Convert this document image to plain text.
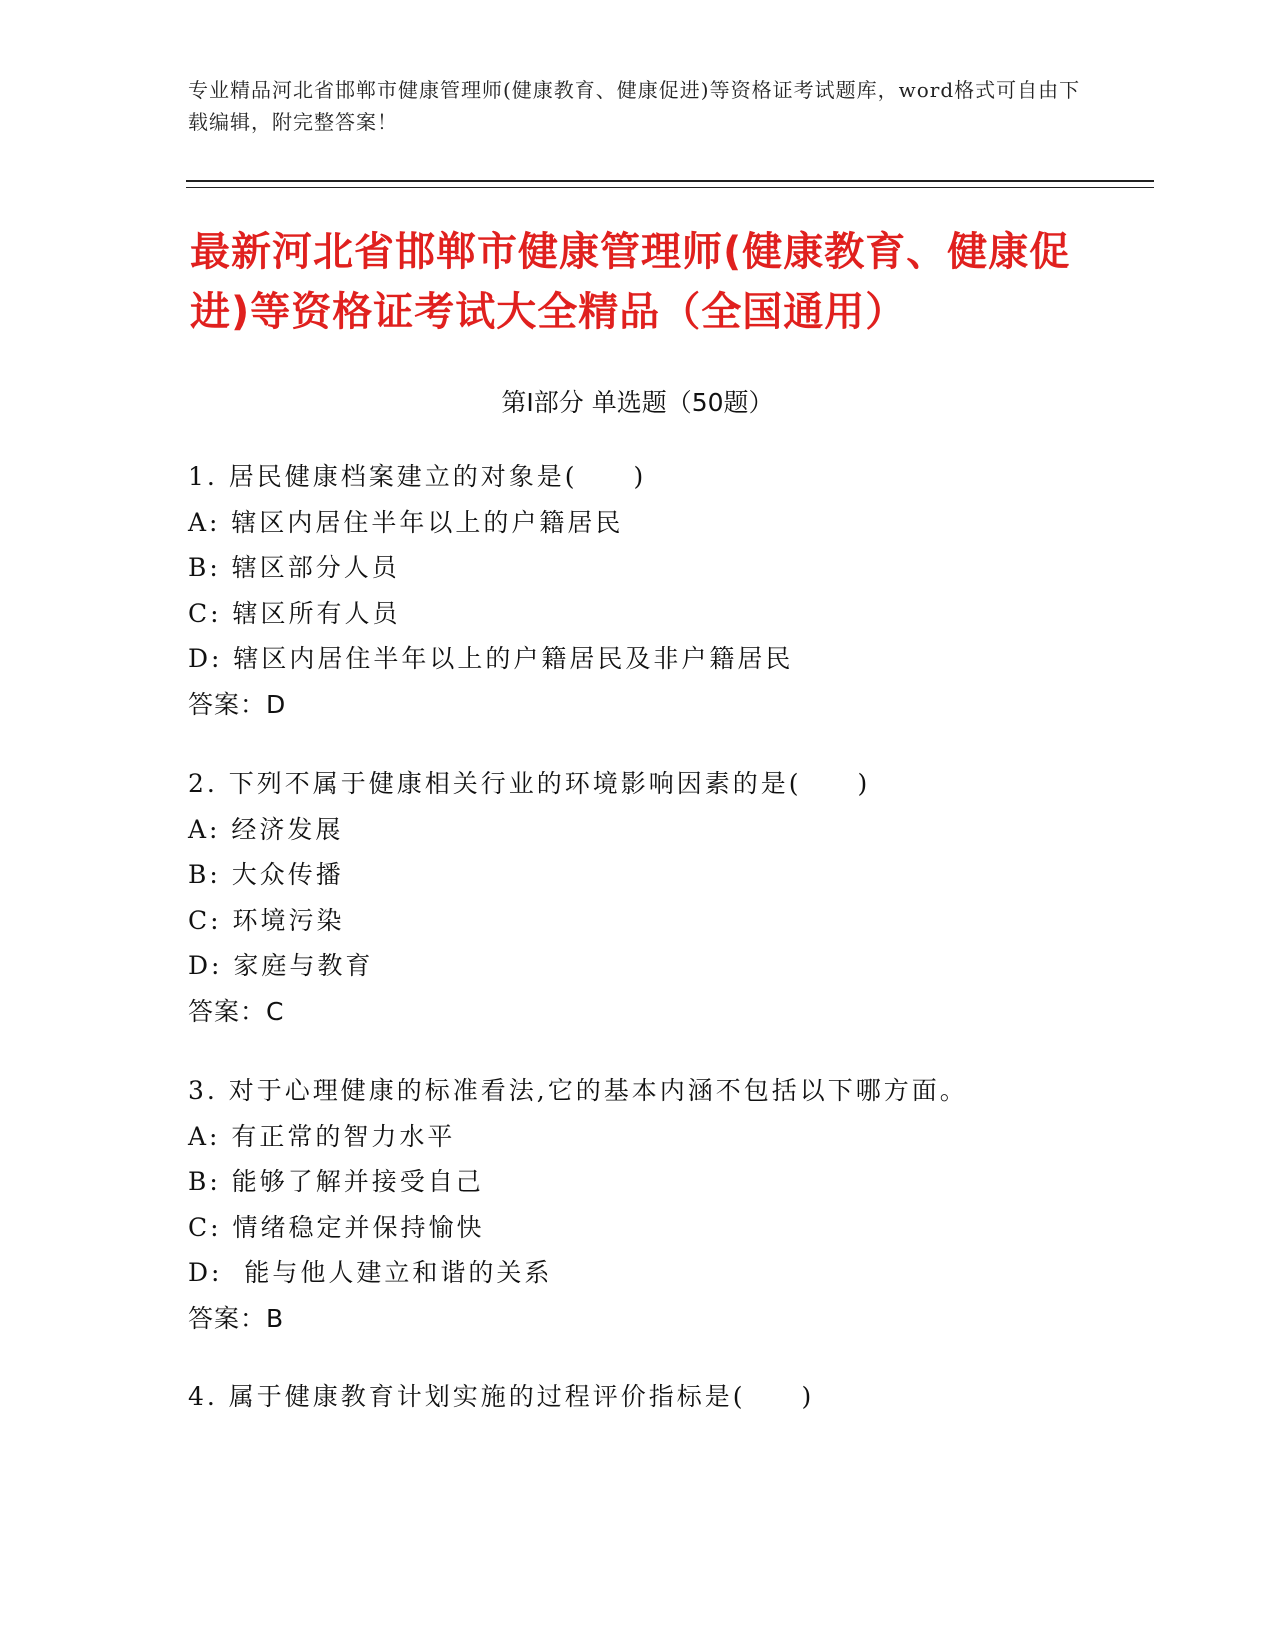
专业精品河北省邯郸市健康管理师(健康教育、健康促进)等资格证考试题库，word格式可自由下载编辑，附完整答案！
最新河北省邯郸市健康管理师(健康教育、健康促进)等资格证考试大全精品（全国通用）
第Ⅰ部分 单选题（50题）
1. 居民健康档案建立的对象是(　　)
A: 辖区内居住半年以上的户籍居民
B: 辖区部分人员
C: 辖区所有人员
D: 辖区内居住半年以上的户籍居民及非户籍居民
答案：D
2. 下列不属于健康相关行业的环境影响因素的是(　　)
A: 经济发展
B: 大众传播
C: 环境污染
D: 家庭与教育
答案：C
3. 对于心理健康的标准看法,它的基本内涵不包括以下哪方面。
A: 有正常的智力水平
B: 能够了解并接受自己
C: 情绪稳定并保持愉快
D:  能与他人建立和谐的关系
答案：B
4. 属于健康教育计划实施的过程评价指标是(　　)
